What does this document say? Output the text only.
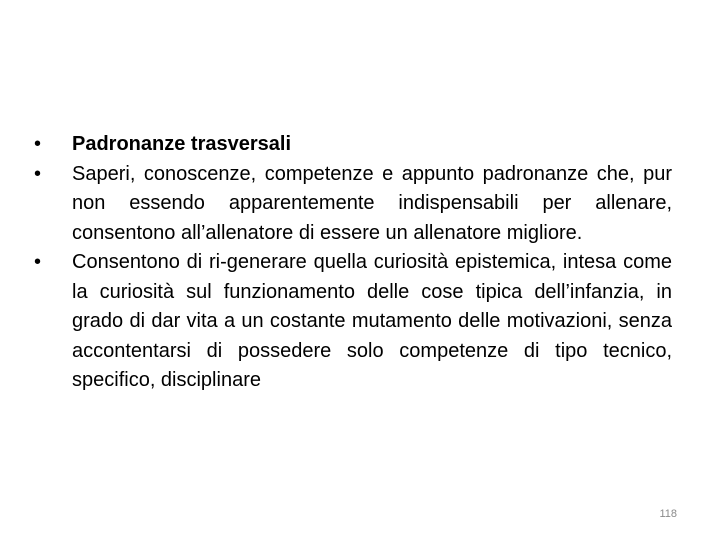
•	Padronanze trasversali
•	Saperi, conoscenze, competenze e appunto padronanze che, pur non essendo apparentemente indispensabili per allenare, consentono all’allenatore di essere un allenatore migliore.
•	Consentono di ri-generare quella curiosità epistemica, intesa come la curiosità sul funzionamento delle cose tipica dell’infanzia, in grado di dar vita a un costante mutamento delle motivazioni, senza accontentarsi di possedere solo competenze di tipo tecnico, specifico, disciplinare
118
